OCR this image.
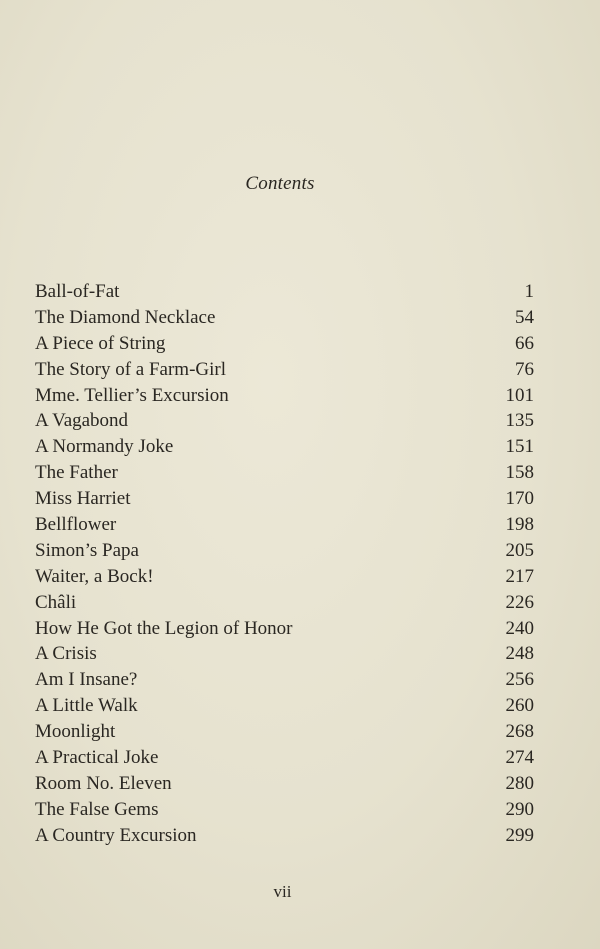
Contents
Ball-of-Fat	1
The Diamond Necklace	54
A Piece of String	66
The Story of a Farm-Girl	76
Mme. Tellier’s Excursion	101
A Vagabond	135
A Normandy Joke	151
The Father	158
Miss Harriet	170
Bellflower	198
Simon’s Papa	205
Waiter, a Bock!	217
Châli	226
How He Got the Legion of Honor	240
A Crisis	248
Am I Insane?	256
A Little Walk	260
Moonlight	268
A Practical Joke	274
Room No. Eleven	280
The False Gems	290
A Country Excursion	299
vii
